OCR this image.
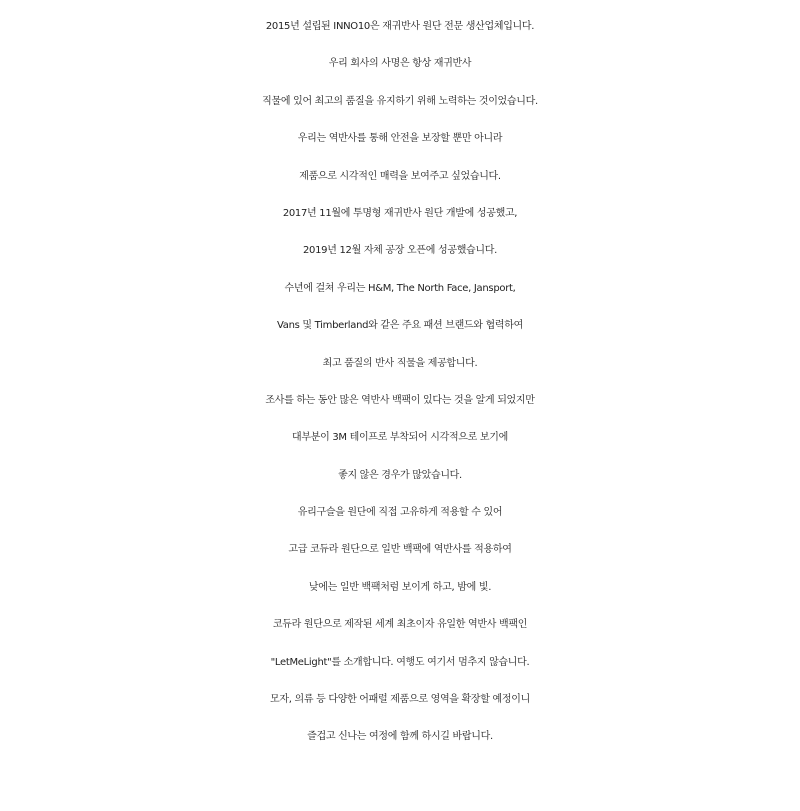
2015년 설립된 INNO10은 재귀반사 원단 전문 생산업체입니다.
우리 회사의 사명은 항상 재귀반사
직물에 있어 최고의 품질을 유지하기 위해 노력하는 것이었습니다.
우리는 역반사를 통해 안전을 보장할 뿐만 아니라
제품으로 시각적인 매력을 보여주고 싶었습니다.
2017년 11월에 투명형 재귀반사 원단 개발에 성공했고,
2019년 12월 자체 공장 오픈에 성공했습니다.
수년에 걸쳐 우리는 H&M, The North Face, Jansport,
Vans 및 Timberland와 같은 주요 패션 브랜드와 협력하여
최고 품질의 반사 직물을 제공합니다.
조사를 하는 동안 많은 역반사 백팩이 있다는 것을 알게 되었지만
대부분이 3M 테이프로 부착되어 시각적으로 보기에
좋지 않은 경우가 많았습니다.
유리구슬을 원단에 직접 고유하게 적용할 수 있어
고급 코듀라 원단으로 일반 백팩에 역반사를 적용하여
낮에는 일반 백팩처럼 보이게 하고, 밤에 빛.
코듀라 원단으로 제작된 세계 최초이자 유일한 역반사 백팩인
"LetMeLight"를 소개합니다. 여행도 여기서 멈추지 않습니다.
모자, 의류 등 다양한 어패럴 제품으로 영역을 확장할 예정이니
즐겁고 신나는 여정에 함께 하시길 바랍니다.
